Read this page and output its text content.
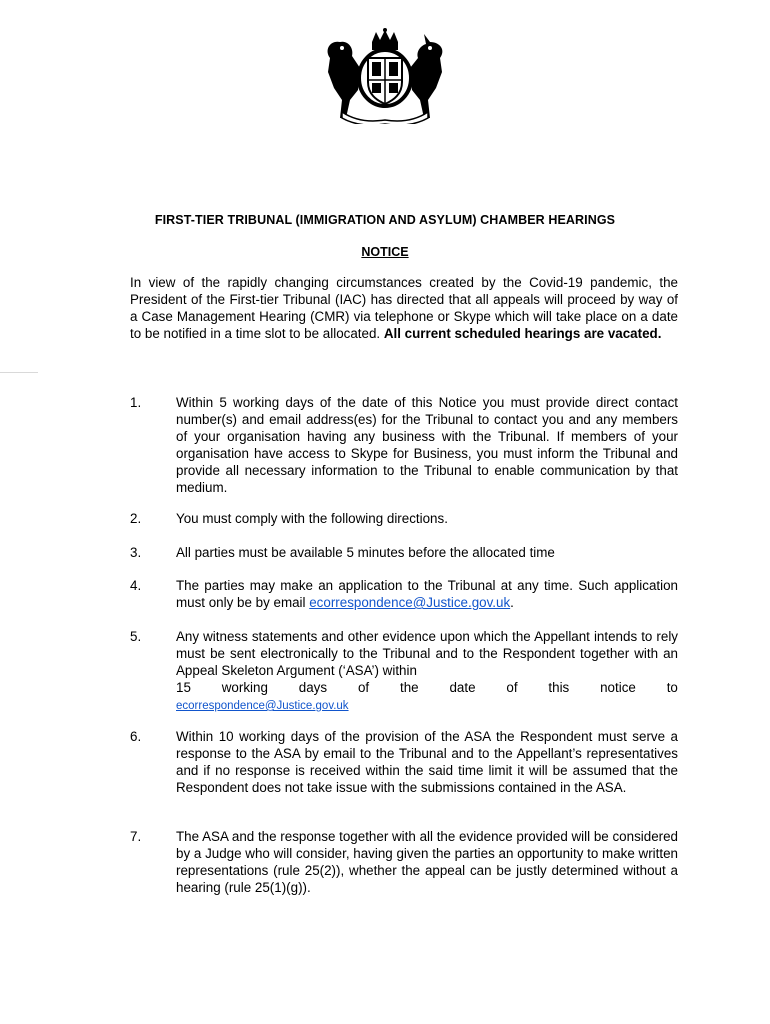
FIRST-TIER TRIBUNAL (IMMIGRATION AND ASYLUM) CHAMBER HEARINGS
NOTICE
In view of the rapidly changing circumstances created by the Covid-19 pandemic, the President of the First-tier Tribunal (IAC) has directed that all appeals will proceed by way of a Case Management Hearing (CMR) via telephone or Skype which will take place on a date to be notified in a time slot to be allocated. All current scheduled hearings are vacated.
1.	Within 5 working days of the date of this Notice you must provide direct contact number(s) and email address(es) for the Tribunal to contact you and any members of your organisation having any business with the Tribunal. If members of your organisation have access to Skype for Business, you must inform the Tribunal and provide all necessary information to the Tribunal to enable communication by that medium.
2.	You must comply with the following directions.
3.	All parties must be available 5 minutes before the allocated time
4.	The parties may make an application to the Tribunal at any time. Such application must only be by email ecorrespondence@Justice.gov.uk.
5.	Any witness statements and other evidence upon which the Appellant intends to rely must be sent electronically to the Tribunal and to the Respondent together with an Appeal Skeleton Argument (‘ASA’) within
15 working days of the date of this notice to
ecorrespondence@Justice.gov.uk
6.	Within 10 working days of the provision of the ASA the Respondent must serve a response to the ASA by email to the Tribunal and to the Appellant’s representatives and if no response is received within the said time limit it will be assumed that the Respondent does not take issue with the submissions contained in the ASA.
7.	The ASA and the response together with all the evidence provided will be considered by a Judge who will consider, having given the parties an opportunity to make written representations (rule 25(2)), whether the appeal can be justly determined without a hearing (rule 25(1)(g)).
